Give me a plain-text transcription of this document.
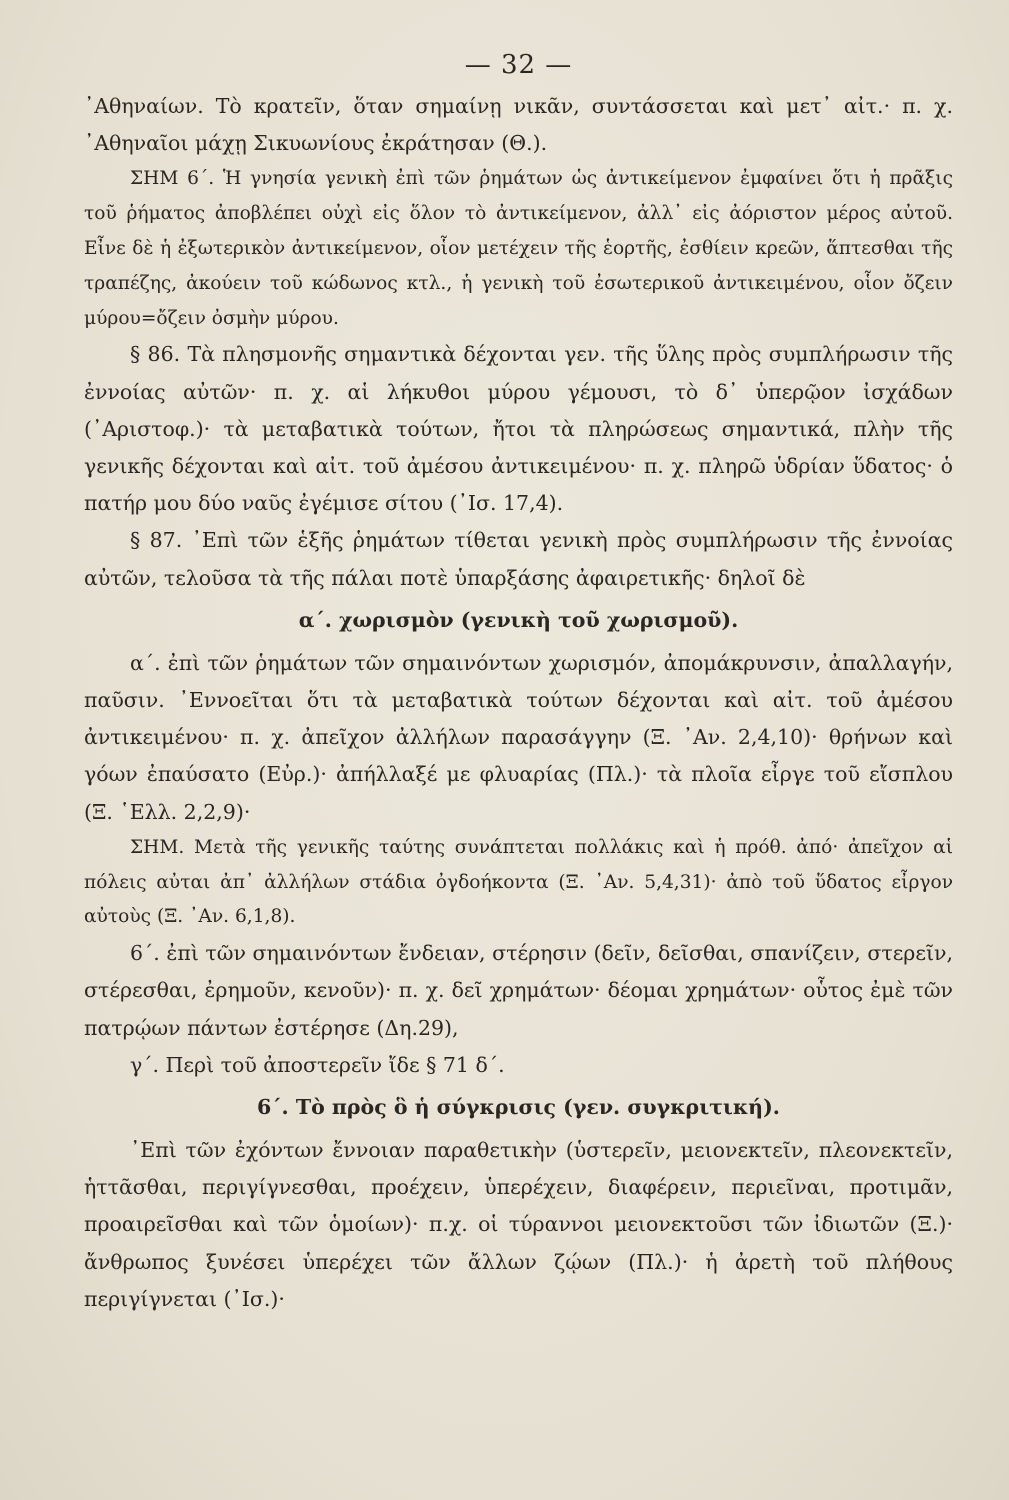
— 32 —

᾿Αθηναίων. Τὸ κρατεῖν, ὅταν σημαίνῃ νικᾶν, συντάσσεται καὶ μετ᾿ αἰτ.· π. χ. ᾿Αθηναῖοι μάχῃ Σικυωνίους ἐκράτησαν (Θ.).

ΣΗΜ 6΄. Ἡ γνησία γενικὴ ἐπὶ τῶν ῥημάτων ὡς ἀντικείμενον ἐμφαίνει ὅτι ἡ πρᾶξις τοῦ ῥήματος ἀποβλέπει οὐχὶ εἰς ὅλον τὸ ἀντικείμενον, ἀλλ᾿ εἰς ἀόριστον μέρος αὐτοῦ. Εἶνε δὲ ἡ ἐξωτερικὸν ἀντικείμενον, οἷον μετέχειν τῆς ἑορτῆς, ἐσθίειν κρεῶν, ἅπτεσθαι τῆς τραπέζης, ἀκούειν τοῦ κώδωνος κτλ., ἡ γενικὴ τοῦ ἐσωτερικοῦ ἀντικειμένου, οἷον ὄζειν μύρου=ὄζειν ὀσμὴν μύρου.

§ 86. Τὰ πλησμονῆς σημαντικὰ δέχονται γεν. τῆς ὕλης πρὸς συμπλήρωσιν τῆς ἐννοίας αὐτῶν· π. χ. αἱ λήκυθοι μύρου γέμουσι, τὸ δ᾿ ὑπερῷον ἰσχάδων (᾿Αριστοφ.)· τὰ μεταβατικὰ τούτων, ἤτοι τὰ πληρώσεως σημαντικά, πλὴν τῆς γενικῆς δέχονται καὶ αἰτ. τοῦ ἀμέσου ἀντικειμένου· π. χ. πληρῶ ὑδρίαν ὕδατος· ὁ πατήρ μου δύο ναῦς ἐγέμισε σίτου (᾿Ισ. 17,4).

§ 87. ᾿Επὶ τῶν ἑξῆς ῥημάτων τίθεται γενικὴ πρὸς συμπλήρωσιν τῆς ἐννοίας αὐτῶν, τελοῦσα τὰ τῆς πάλαι ποτὲ ὑπαρξάσης ἀφαιρετικῆς· δηλοῖ δὲ

α΄. χωρισμὸν (γενικὴ τοῦ χωρισμοῦ).

α΄. ἐπὶ τῶν ῥημάτων τῶν σημαινόντων χωρισμόν, ἀπομάκρυνσιν, ἀπαλλαγήν, παῦσιν. ᾿Εννοεῖται ὅτι τὰ μεταβατικὰ τούτων δέχονται καὶ αἰτ. τοῦ ἀμέσου ἀντικειμένου· π. χ. ἀπεῖχον ἀλλήλων παρασάγγην (Ξ. ᾿Αν. 2,4,10)· θρήνων καὶ γόων ἐπαύσατο (Εὐρ.)· ἀπήλλαξέ με φλυαρίας (Πλ.)· τὰ πλοῖα εἶργε τοῦ εἴσπλου (Ξ. ῾Ελλ. 2,2,9)·

ΣΗΜ. Μετὰ τῆς γενικῆς ταύτης συνάπτεται πολλάκις καὶ ἡ πρόθ. ἀπό· ἀπεῖχον αἱ πόλεις αὐται ἀπ᾿ ἀλλήλων στάδια ὀγδοήκοντα (Ξ. ᾿Αν. 5,4,31)· ἀπὸ τοῦ ὕδατος εἶργον αὐτοὺς (Ξ. ᾿Αν. 6,1,8).

6΄. ἐπὶ τῶν σημαινόντων ἔνδειαν, στέρησιν (δεῖν, δεῖσθαι, σπανίζειν, στερεῖν, στέρεσθαι, ἐρημοῦν, κενοῦν)· π. χ. δεῖ χρημάτων· δέομαι χρημάτων· οὗτος ἐμὲ τῶν πατρῴων πάντων ἐστέρησε (Δη.29),

γ΄. Περὶ τοῦ ἀποστερεῖν ἴδε § 71 δ΄.

6΄. Τὸ πρὸς ὃ ἡ σύγκρισις (γεν. συγκριτική).

᾿Επὶ τῶν ἐχόντων ἔννοιαν παραθετικὴν (ὑστερεῖν, μειονεκτεῖν, πλεονεκτεῖν, ἡττᾶσθαι, περιγίγνεσθαι, προέχειν, ὑπερέχειν, διαφέρειν, περιεῖναι, προτιμᾶν, προαιρεῖσθαι καὶ τῶν ὁμοίων)· π.χ. οἱ τύραννοι μειονεκτοῦσι τῶν ἰδιωτῶν (Ξ.)· ἄνθρωπος ξυνέσει ὑπερέχει τῶν ἄλλων ζῴων (Πλ.)· ἡ ἀρετὴ τοῦ πλήθους περιγίγνεται (᾿Ισ.)·
